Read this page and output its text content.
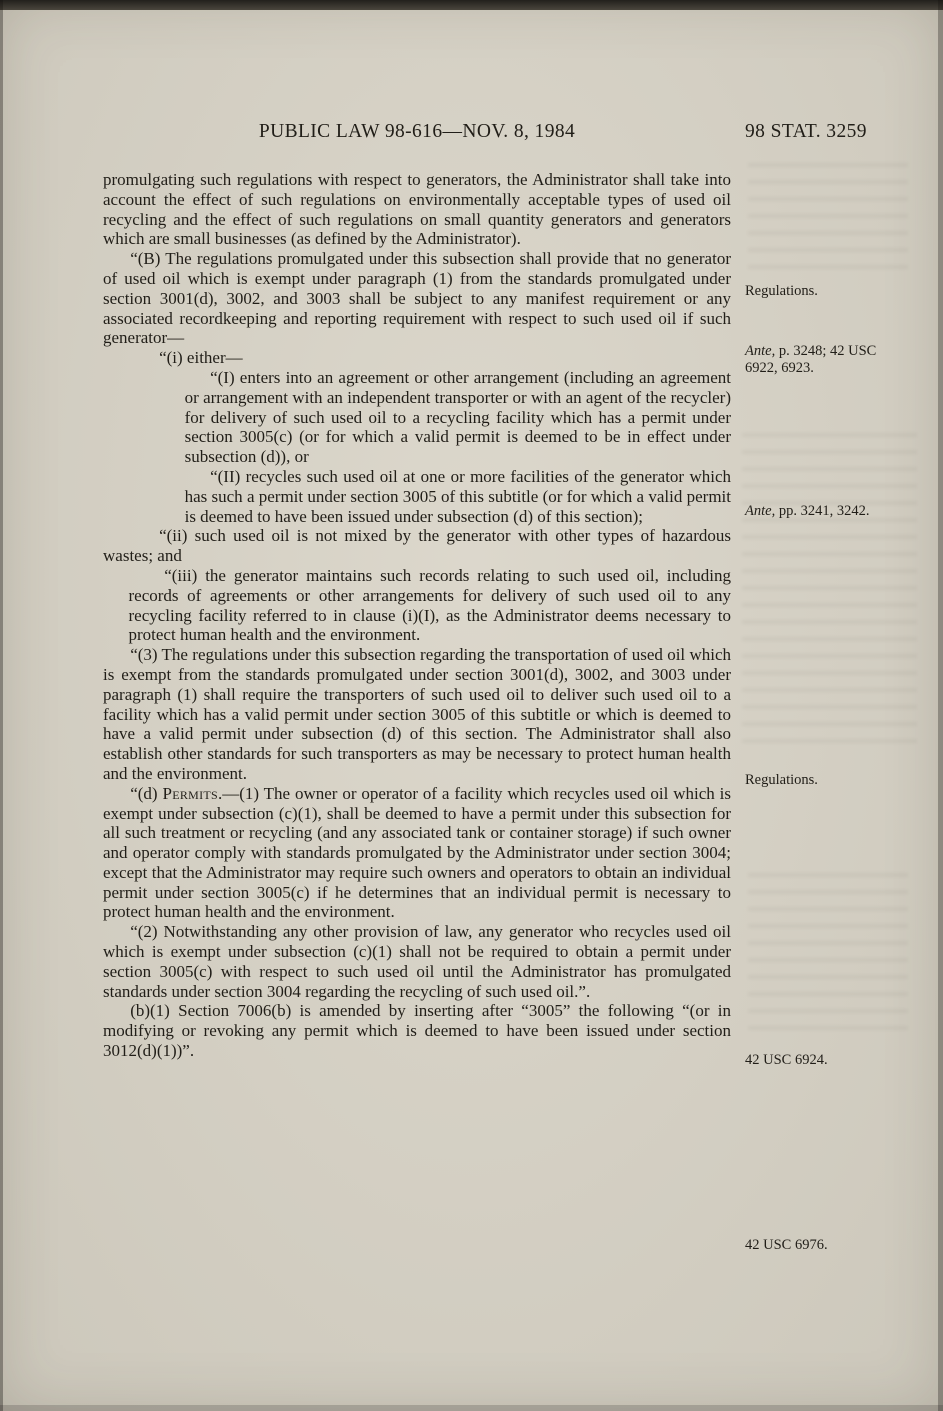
PUBLIC LAW 98-616—NOV. 8, 1984	98 STAT. 3259

promulgating such regulations with respect to generators, the Administrator shall take into account the effect of such regulations on environmentally acceptable types of used oil recycling and the effect of such regulations on small quantity generators and generators which are small businesses (as defined by the Administrator).

“(B) The regulations promulgated under this subsection shall provide that no generator of used oil which is exempt under paragraph (1) from the standards promulgated under section 3001(d), 3002, and 3003 shall be subject to any manifest requirement or any associated recordkeeping and reporting requirement with respect to such used oil if such generator—

“(i) either—

“(I) enters into an agreement or other arrangement (including an agreement or arrangement with an independent transporter or with an agent of the recycler) for delivery of such used oil to a recycling facility which has a permit under section 3005(c) (or for which a valid permit is deemed to be in effect under subsection (d)), or

“(II) recycles such used oil at one or more facilities of the generator which has such a permit under section 3005 of this subtitle (or for which a valid permit is deemed to have been issued under subsection (d) of this section);

“(ii) such used oil is not mixed by the generator with other types of hazardous wastes; and

“(iii) the generator maintains such records relating to such used oil, including records of agreements or other arrangements for delivery of such used oil to any recycling facility referred to in clause (i)(I), as the Administrator deems necessary to protect human health and the environment.

“(3) The regulations under this subsection regarding the transportation of used oil which is exempt from the standards promulgated under section 3001(d), 3002, and 3003 under paragraph (1) shall require the transporters of such used oil to deliver such used oil to a facility which has a valid permit under section 3005 of this subtitle or which is deemed to have a valid permit under subsection (d) of this section. The Administrator shall also establish other standards for such transporters as may be necessary to protect human health and the environment.

“(d) Permits.—(1) The owner or operator of a facility which recycles used oil which is exempt under subsection (c)(1), shall be deemed to have a permit under this subsection for all such treatment or recycling (and any associated tank or container storage) if such owner and operator comply with standards promulgated by the Administrator under section 3004; except that the Administrator may require such owners and operators to obtain an individual permit under section 3005(c) if he determines that an individual permit is necessary to protect human health and the environment.

“(2) Notwithstanding any other provision of law, any generator who recycles used oil which is exempt under subsection (c)(1) shall not be required to obtain a permit under section 3005(c) with respect to such used oil until the Administrator has promulgated standards under section 3004 regarding the recycling of such used oil.”.

(b)(1) Section 7006(b) is amended by inserting after “3005” the following “(or in modifying or revoking any permit which is deemed to have been issued under section 3012(d)(1))”.

Regulations.
Ante, p. 3248; 42 USC 6922, 6923.
Ante, pp. 3241, 3242.
Regulations.
42 USC 6924.
42 USC 6976.
